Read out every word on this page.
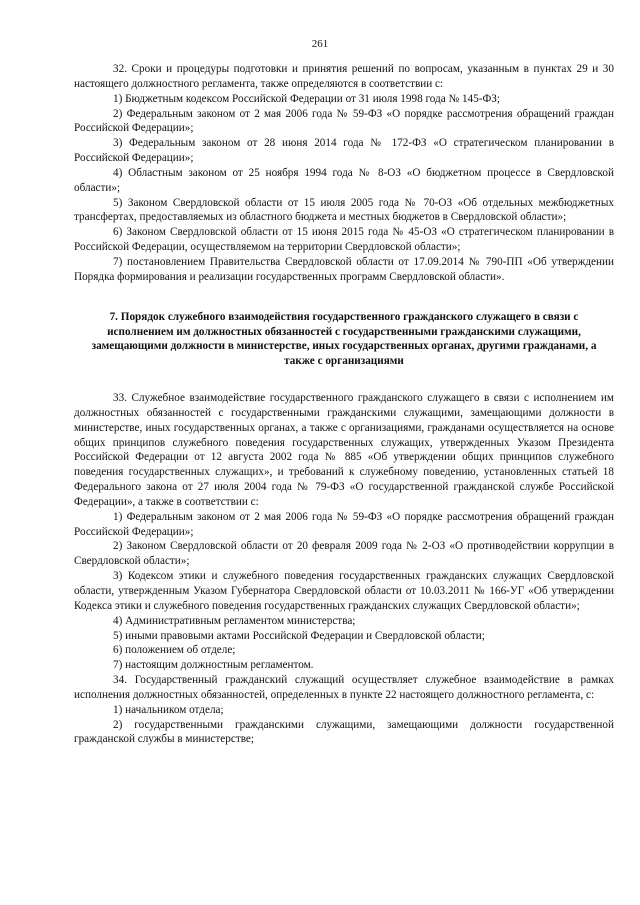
261

32. Сроки и процедуры подготовки и принятия решений по вопросам, указанным в пунктах 29 и 30 настоящего должностного регламента, также определяются в соответствии с:

1) Бюджетным кодексом Российской Федерации от 31 июля 1998 года № 145-ФЗ;

2) Федеральным законом от 2 мая 2006 года № 59-ФЗ «О порядке рассмотрения обращений граждан Российской Федерации»;

3) Федеральным законом от 28 июня 2014 года № 172-ФЗ «О стратегическом планировании в Российской Федерации»;

4) Областным законом от 25 ноября 1994 года № 8-ОЗ «О бюджетном процессе в Свердловской области»;

5) Законом Свердловской области от 15 июля 2005 года № 70-ОЗ «Об отдельных межбюджетных трансфертах, предоставляемых из областного бюджета и местных бюджетов в Свердловской области»;

6) Законом Свердловской области от 15 июня 2015 года № 45-ОЗ «О стратегическом планировании в Российской Федерации, осуществляемом на территории Свердловской области»;

7) постановлением Правительства Свердловской области от 17.09.2014 № 790-ПП «Об утверждении Порядка формирования и реализации государственных программ Свердловской области».

7. Порядок служебного взаимодействия государственного гражданского служащего в связи с исполнением им должностных обязанностей с государственными гражданскими служащими, замещающими должности в министерстве, иных государственных органах, другими гражданами, а также с организациями

33. Служебное взаимодействие государственного гражданского служащего в связи с исполнением им должностных обязанностей с государственными гражданскими служащими, замещающими должности в министерстве, иных государственных органах, а также с организациями, гражданами осуществляется на основе общих принципов служебного поведения государственных служащих, утвержденных Указом Президента Российской Федерации от 12 августа 2002 года № 885 «Об утверждении общих принципов служебного поведения государственных служащих», и требований к служебному поведению, установленных статьей 18 Федерального закона от 27 июля 2004 года № 79-ФЗ «О государственной гражданской службе Российской Федерации», а также в соответствии с:

1) Федеральным законом от 2 мая 2006 года № 59-ФЗ «О порядке рассмотрения обращений граждан Российской Федерации»;

2) Законом Свердловской области от 20 февраля 2009 года № 2-ОЗ «О противодействии коррупции в Свердловской области»;

3) Кодексом этики и служебного поведения государственных гражданских служащих Свердловской области, утвержденным Указом Губернатора Свердловской области от 10.03.2011 № 166-УГ «Об утверждении Кодекса этики и служебного поведения государственных гражданских служащих Свердловской области»;

4) Административным регламентом министерства;

5) иными правовыми актами Российской Федерации и Свердловской области;

6) положением об отделе;

7) настоящим должностным регламентом.

34. Государственный гражданский служащий осуществляет служебное взаимодействие в рамках исполнения должностных обязанностей, определенных в пункте 22 настоящего должностного регламента, с:

1) начальником отдела;

2) государственными гражданскими служащими, замещающими должности государственной гражданской службы в министерстве;
